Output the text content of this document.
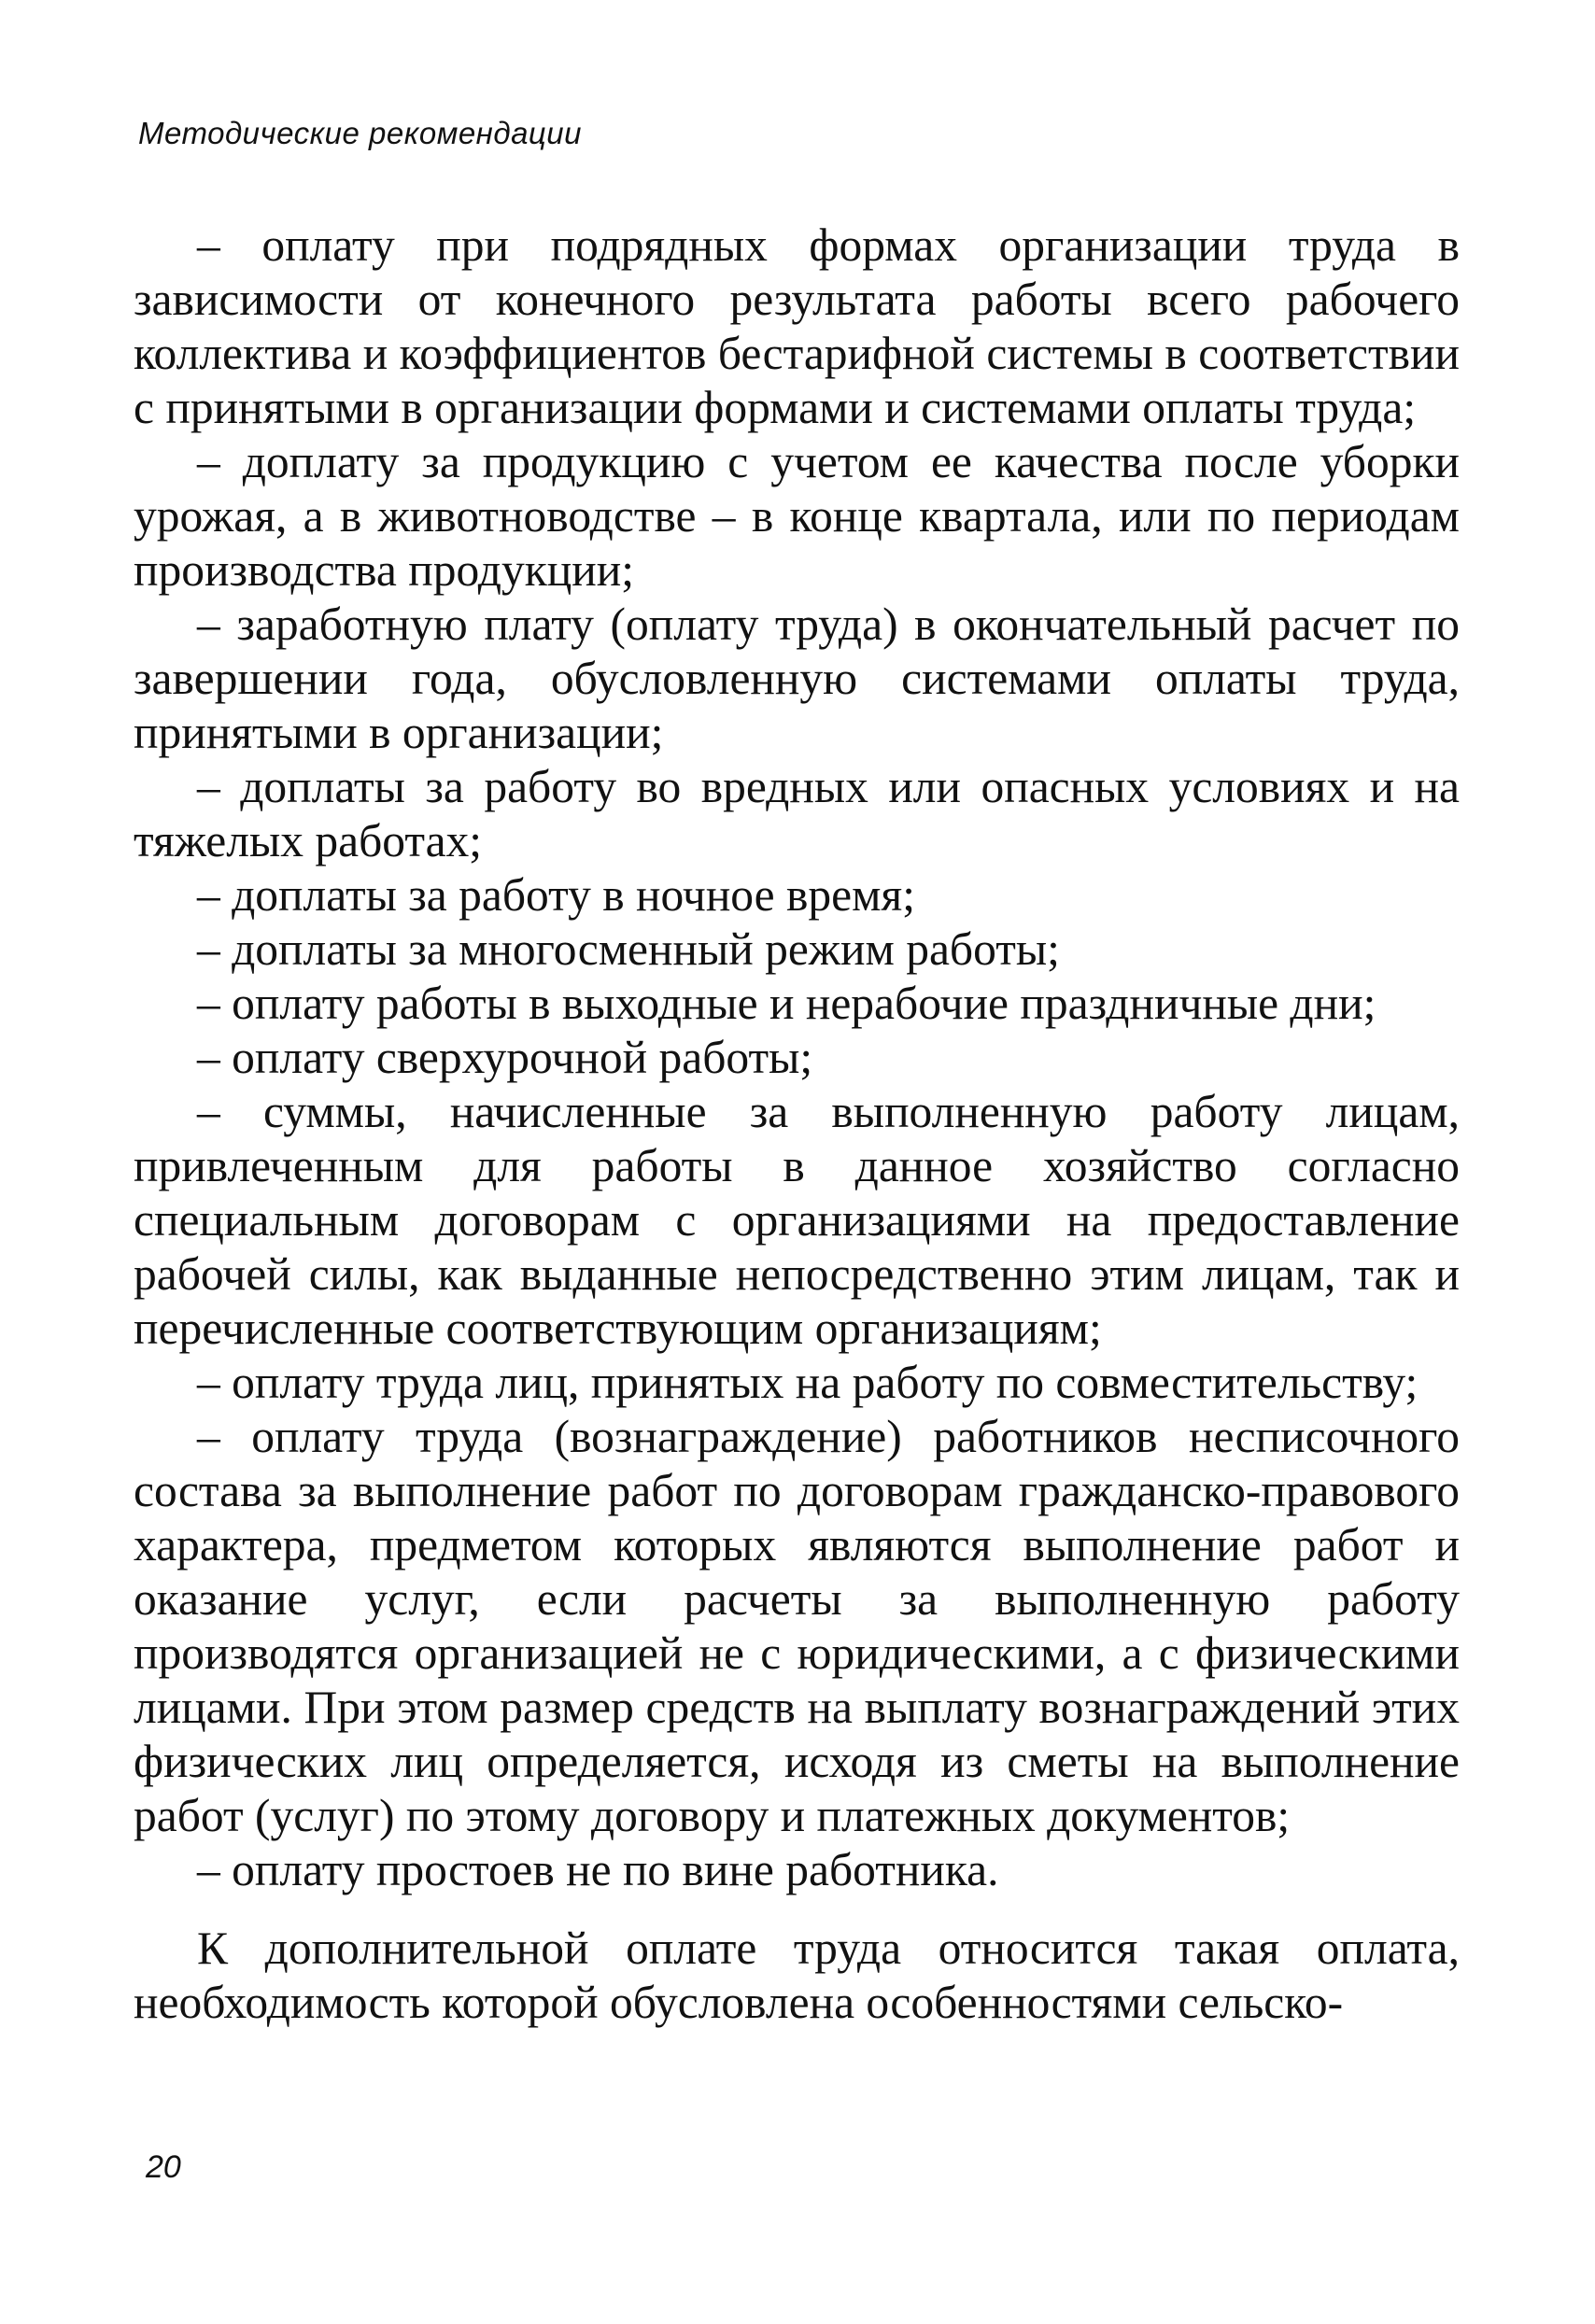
Методические рекомендации

– оплату при подрядных формах организации труда в зависимости от конечного результата работы всего рабочего коллектива и коэффициентов бестарифной системы в соответствии с принятыми в организации формами и системами оплаты труда;

– доплату за продукцию с учетом ее качества после уборки урожая, а в животноводстве – в конце квартала, или по периодам производства продукции;

– заработную плату (оплату труда) в окончательный расчет по завершении года, обусловленную системами оплаты труда, принятыми в организации;

– доплаты за работу во вредных или опасных условиях и на тяжелых работах;

– доплаты за работу в ночное время;

– доплаты за многосменный режим работы;

– оплату работы в выходные и нерабочие праздничные дни;

– оплату сверхурочной работы;

– суммы, начисленные за выполненную работу лицам, привлеченным для работы в данное хозяйство согласно специальным договорам с организациями на предоставление рабочей силы, как выданные непосредственно этим лицам, так и перечисленные соответствующим организациям;

– оплату труда лиц, принятых на работу по совместительству;

– оплату труда (вознаграждение) работников несписочного состава за выполнение работ по договорам гражданско-правового характера, предметом которых являются выполнение работ и оказание услуг, если расчеты за выполненную работу производятся организацией не с юридическими, а с физическими лицами. При этом размер средств на выплату вознаграждений этих физических лиц определяется, исходя из сметы на выполнение работ (услуг) по этому договору и платежных документов;

– оплату простоев не по вине работника.

К дополнительной оплате труда относится такая оплата, необходимость которой обусловлена особенностями сельско-

20
